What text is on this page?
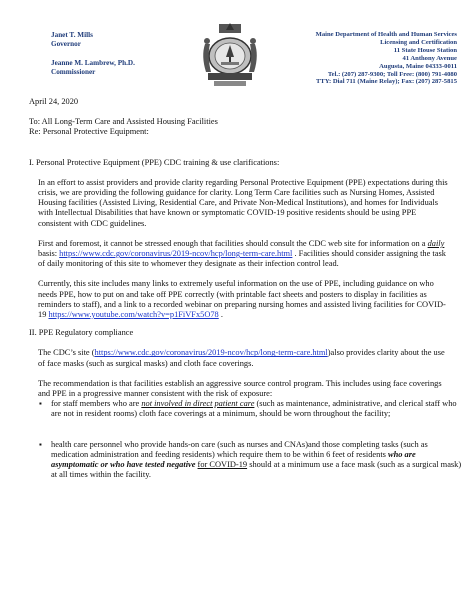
Janet T. Mills
Governor
Jeanne M. Lambrew, Ph.D.
Commissioner
Maine Department of Health and Human Services
Licensing and Certification
11 State House Station
41 Anthony Avenue
Augusta, Maine 04333-0011
Tel.: (207) 287-9300; Toll Free: (800) 791-4080
TTY: Dial 711 (Maine Relay); Fax: (207) 287-5815

April 24, 2020

To: All Long-Term Care and Assisted Housing Facilities

Re: Personal Protective Equipment:

I. Personal Protective Equipment (PPE) CDC training & use clarifications:

In an effort to assist providers and provide clarity regarding Personal Protective Equipment (PPE) expectations during this crisis, we are providing the following guidance for clarity. Long Term Care facilities such as Nursing Homes, Assisted Housing facilities (Assisted Living, Residential Care, and Private Non-Medical Institutions), and homes for Individuals with Intellectual Disabilities that have known or symptomatic COVID-19 positive residents should be using PPE consistent with CDC guidelines.

First and foremost, it cannot be stressed enough that facilities should consult the CDC web site for information on a daily basis: https://www.cdc.gov/coronavirus/2019-ncov/hcp/long-term-care.html . Facilities should consider assigning the task of daily monitoring of this site to whomever they designate as their infection control lead.

Currently, this site includes many links to extremely useful information on the use of PPE, including guidance on who needs PPE, how to put on and take off PPE correctly (with printable fact sheets and posters to display in facilities as reminders to staff), and a link to a recorded webinar on preparing nursing homes and assisted living facilities for COVID-19 https://www.youtube.com/watch?v=p1FiVFx5O78 .

II. PPE Regulatory compliance

The CDC’s site (https://www.cdc.gov/coronavirus/2019-ncov/hcp/long-term-care.html)also provides clarity about the use of face masks (such as surgical masks) and cloth face coverings.

The recommendation is that facilities establish an aggressive source control program. This includes using face coverings and PPE in a progressive manner consistent with the risk of exposure:

▪ for staff members who are not involved in direct patient care (such as maintenance, administrative, and clerical staff who are not in resident rooms) cloth face coverings at a minimum, should be worn throughout the facility;
▪ health care personnel who provide hands-on care (such as nurses and CNAs)and those completing tasks (such as medication administration and feeding residents) which require them to be within 6 feet of residents who are asymptomatic or who have tested negative for COVID-19 should at a minimum use a face mask (such as a surgical mask) at all times within the facility.
